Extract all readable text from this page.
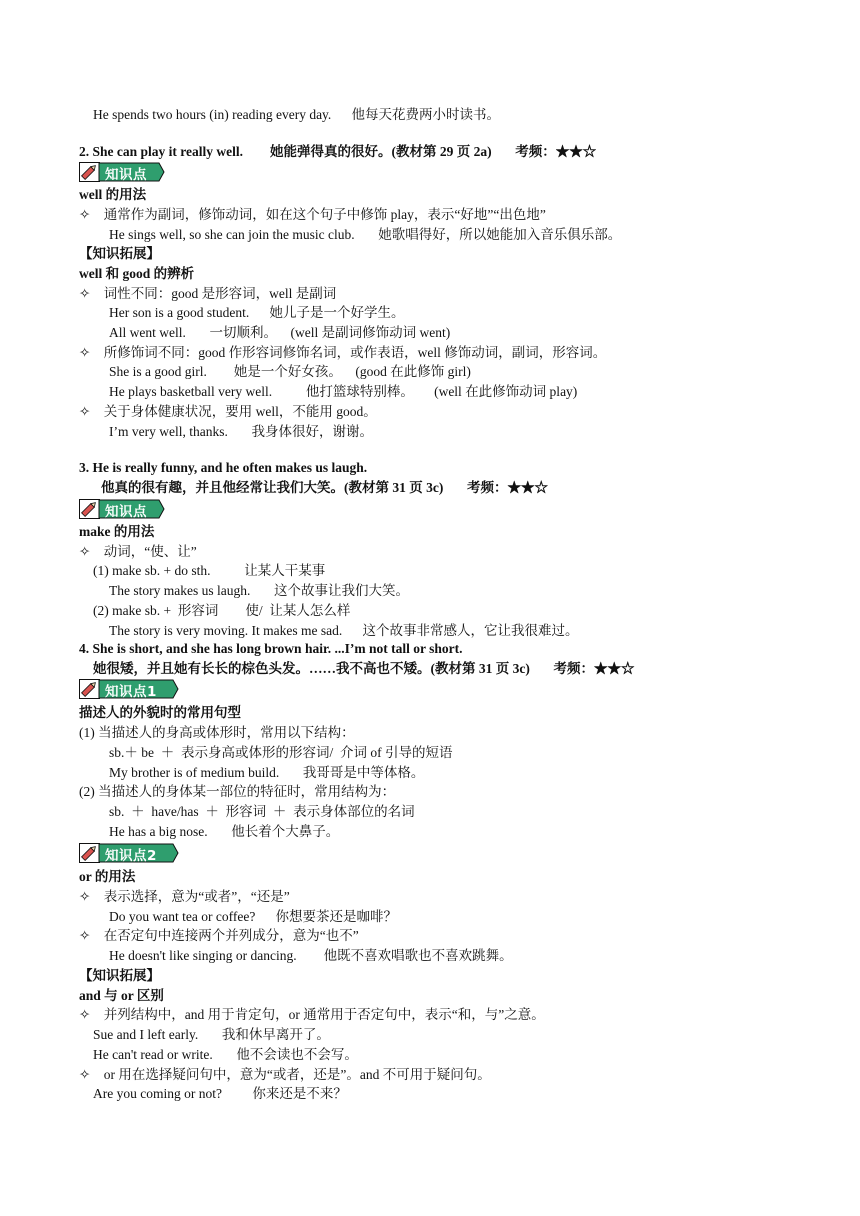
He spends two hours (in) reading every day.      他每天花费两小时读书。
2. She can play it really well.        她能弹得真的很好。(教材第 29 页 2a)       考频：★★☆
知识点
well 的用法
✧    通常作为副词，修饰动词，如在这个句子中修饰 play，表示“好地”“出色地”
He sings well, so she can join the music club.       她歌唱得好，所以她能加入音乐俱乐部。
【知识拓展】
well 和 good 的辨析
✧    词性不同：good 是形容词，well 是副词
Her son is a good student.      她儿子是一个好学生。
All went well.       一切顺利。    (well 是副词修饰动词 went)
✧    所修饰词不同：good 作形容词修饰名词，或作表语，well 修饰动词，副词，形容词。
She is a good girl.        她是一个好女孩。    (good 在此修饰 girl)
He plays basketball very well.          他打篮球特别棒。      (well 在此修饰动词 play)
✧    关于身体健康状况，要用 well，不能用 good。
I’m very well, thanks.       我身体很好，谢谢。
3. He is really funny, and he often makes us laugh.
他真的很有趣，并且他经常让我们大笑。(教材第 31 页 3c)       考频：★★☆
知识点
make 的用法
✧    动词，“使、让”
(1) make sb. + do sth.          让某人干某事
The story makes us laugh.       这个故事让我们大笑。
(2) make sb. +  形容词        使/  让某人怎么样
The story is very moving. It makes me sad.      这个故事非常感人，它让我很难过。
4. She is short, and she has long brown hair. ...I’m not tall or short.
她很矮，并且她有长长的棕色头发。……我不高也不矮。(教材第 31 页 3c)       考频：★★☆
知识点1
描述人的外貌时的常用句型
(1) 当描述人的身高或体形时，常用以下结构：
sb.＋ be  ＋  表示身高或体形的形容词/  介词 of 引导的短语
My brother is of medium build.       我哥哥是中等体格。
(2) 当描述人的身体某一部位的特征时，常用结构为：
sb.  ＋  have/has  ＋  形容词  ＋  表示身体部位的名词
He has a big nose.       他长着个大鼻子。
知识点2
or 的用法
✧    表示选择，意为“或者”，“还是”
Do you want tea or coffee?      你想要茶还是咖啡？
✧    在否定句中连接两个并列成分，意为“也不”
He doesn't like singing or dancing.        他既不喜欢唱歌也不喜欢跳舞。
【知识拓展】
and 与 or 区别
✧    并列结构中，and 用于肯定句，or 通常用于否定句中，表示“和，与”之意。
Sue and I left early.       我和休早离开了。
He can't read or write.       他不会读也不会写。
✧    or 用在选择疑问句中，意为“或者，还是”。and 不可用于疑问句。
Are you coming or not?         你来还是不来？
